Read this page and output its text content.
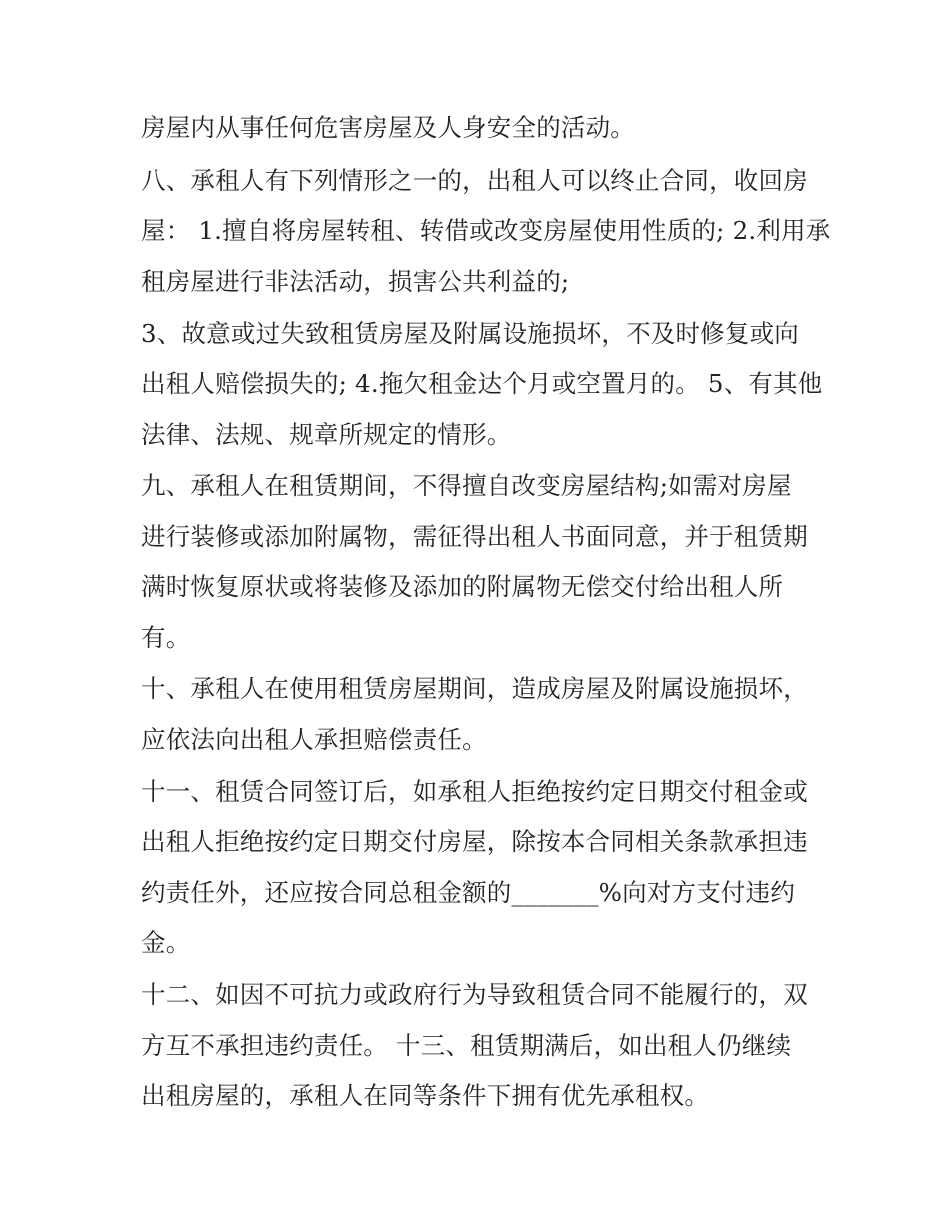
房屋内从事任何危害房屋及人身安全的活动。
八、承租人有下列情形之一的，出租人可以终止合同，收回房
屋： 1.擅自将房屋转租、转借或改变房屋使用性质的; 2.利用承
租房屋进行非法活动，损害公共利益的;
3、故意或过失致租赁房屋及附属设施损坏，不及时修复或向
出租人赔偿损失的; 4.拖欠租金达个月或空置月的。 5、有其他
法律、法规、规章所规定的情形。
九、承租人在租赁期间，不得擅自改变房屋结构;如需对房屋
进行装修或添加附属物，需征得出租人书面同意，并于租赁期
满时恢复原状或将装修及添加的附属物无偿交付给出租人所
有。
十、承租人在使用租赁房屋期间，造成房屋及附属设施损坏，
应依法向出租人承担赔偿责任。
十一、租赁合同签订后，如承租人拒绝按约定日期交付租金或
出租人拒绝按约定日期交付房屋，除按本合同相关条款承担违
约责任外，还应按合同总租金额的_______%向对方支付违约
金。
十二、如因不可抗力或政府行为导致租赁合同不能履行的，双
方互不承担违约责任。 十三、租赁期满后，如出租人仍继续
出租房屋的，承租人在同等条件下拥有优先承租权。
